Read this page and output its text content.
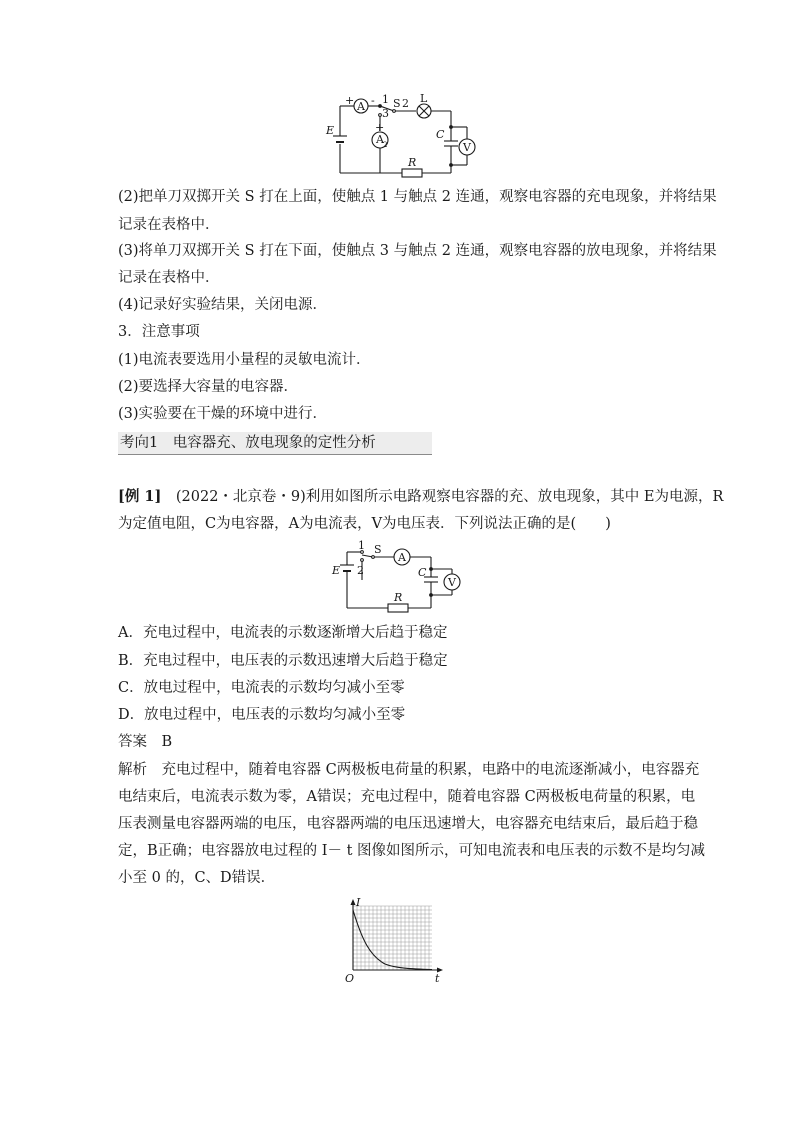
+ A - 1
3
S 2 L
E	+
A 2
C
V
R
(2)把单刀双掷开关 S 打在上面，使触点 1 与触点 2 连通，观察电容器的充电现象，并将结果
记录在表格中．
(3)将单刀双掷开关 S 打在下面，使触点 3 与触点 2 连通，观察电容器的放电现象，并将结果
记录在表格中．
(4)记录好实验结果，关闭电源．
3．注意事项
(1)电流表要选用小量程的灵敏电流计．
(2)要选择大容量的电容器．
(3)实验要在干燥的环境中进行．
考向1　电容器充、放电现象的定性分析
[例 1]　(2022・北京卷・9)利用如图所示电路观察电容器的充、放电现象，其中 E为电源，R
为定值电阻，C为电容器，A为电流表，V为电压表．下列说法正确的是(　　)
1 S
A
E 2	C
V
R
A．充电过程中，电流表的示数逐渐增大后趋于稳定
B．充电过程中，电压表的示数迅速增大后趋于稳定
C．放电过程中，电流表的示数均匀减小至零
D．放电过程中，电压表的示数均匀减小至零
答案　B
解析　充电过程中，随着电容器 C两极板电荷量的积累，电路中的电流逐渐减小，电容器充
电结束后，电流表示数为零，A错误；充电过程中，随着电容器 C两极板电荷量的积累，电
压表测量电容器两端的电压，电容器两端的电压迅速增大，电容器充电结束后，最后趋于稳
定，B正确；电容器放电过程的 I－ t 图像如图所示，可知电流表和电压表的示数不是均匀减
小至 0 的，C、D错误．
I
t
O
